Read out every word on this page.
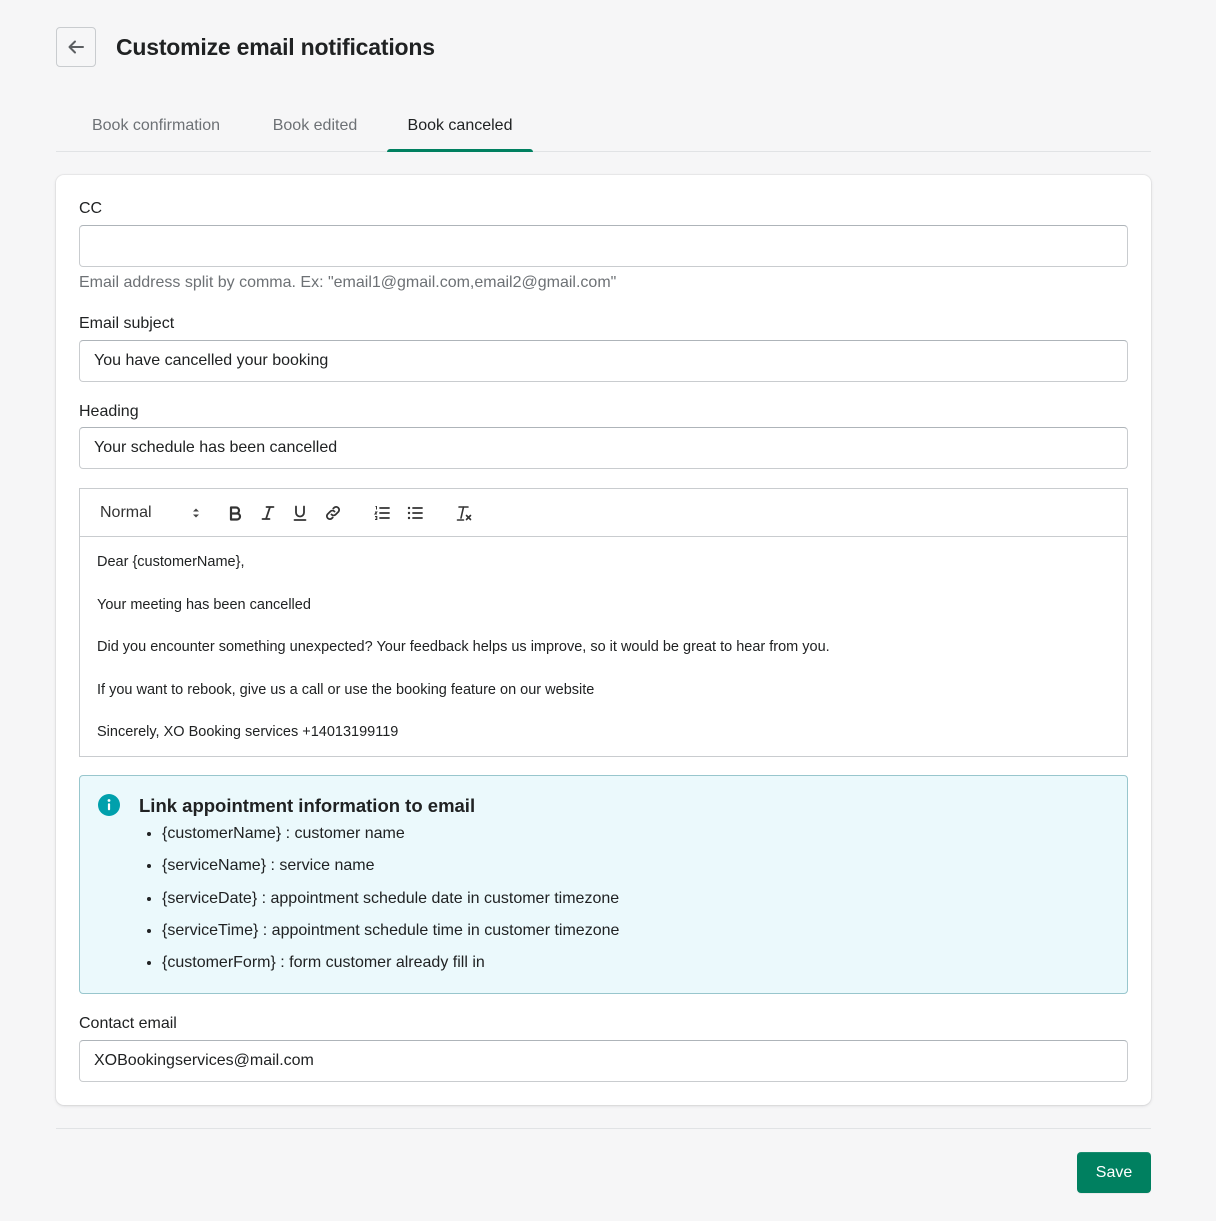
Customize email notifications
Book confirmation	Book edited	Book canceled
CC
Email address split by comma. Ex: "email1@gmail.com,email2@gmail.com"
Email subject
You have cancelled your booking
Heading
Your schedule has been cancelled
Normal

Dear {customerName},

Your meeting has been cancelled

Did you encounter something unexpected? Your feedback helps us improve, so it would be great to hear from you.

If you want to rebook, give us a call or use the booking feature on our website

Sincerely, XO Booking services +14013199119

Link appointment information to email
• {customerName} : customer name
• {serviceName} : service name
• {serviceDate} : appointment schedule date in customer timezone
• {serviceTime} : appointment schedule time in customer timezone
• {customerForm} : form customer already fill in
Contact email
XOBookingservices@mail.com
Save
